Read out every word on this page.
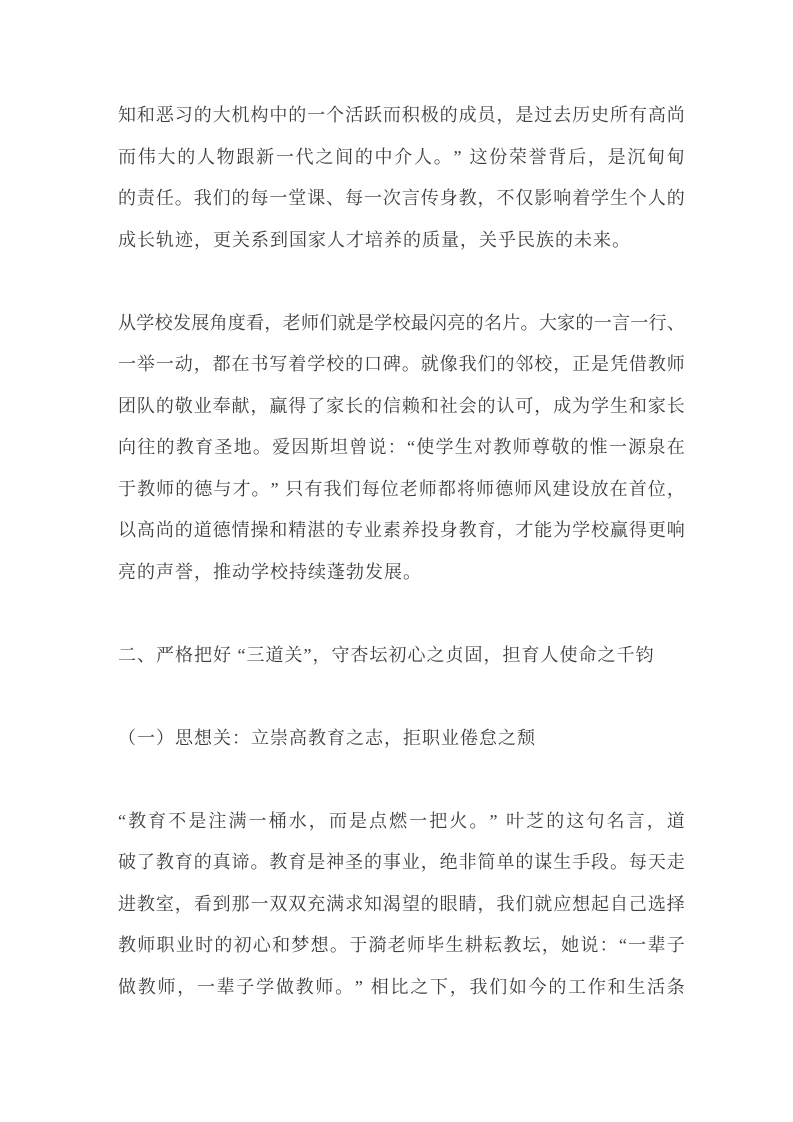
知 和 恶 习 的 大 机 构 中 的 一 个 活 跃 而 积 极 的 成 员 ， 是 过 去 历 史 所 有 高 尚
而 伟 大 的 人 物 跟 新 一 代 之 间 的 中 介 人 。 ”
这 份 荣 誉 背 后 ， 是 沉 甸 甸
的 责 任 。 我 们 的 每 一 堂 课 、 每 一 次 言 传 身 教 ， 不 仅 影 响 着 学 生 个 人 的
成长轨迹，更关系到国家人才培养的质量，关乎民族的未来。
从 学 校 发 展 角 度 看 ， 老 师 们 就 是 学 校 最 闪 亮 的 名 片 。 大 家 的 一 言 一 行 、
一 举 一 动 ， 都 在 书 写 着 学 校 的 口 碑 。 就 像 我 们 的 邻 校 ， 正 是 凭 借 教 师
团 队 的 敬 业 奉 献 ， 赢 得 了 家 长 的 信 赖 和 社 会 的 认 可 ， 成 为 学 生 和 家 长
向 往 的 教 育 圣 地 。 爱 因 斯 坦 曾 说 ： “ 使 学 生 对 教 师 尊 敬 的 惟 一 源 泉 在
于 教 师 的 德 与 才 。 ”
只 有 我 们 每 位 老 师 都 将 师 德 师 风 建 设 放 在 首 位 ，
以 高 尚 的 道 德 情 操 和 精 湛 的 专 业 素 养 投 身 教 育 ， 才 能 为 学 校 赢 得 更 响
亮的声誉，推动学校持续蓬勃发展。
二、严格把好 “三道关”，守杏坛初心之贞固，担育人使命之千钧
（一）思想关：立崇高教育之志，拒职业倦怠之颓
“ 教 育 不 是 注 满 一 桶 水 ， 而 是 点 燃 一 把 火 。 ”
叶 芝 的 这 句 名 言 ， 道
破 了 教 育 的 真 谛 。 教 育 是 神 圣 的 事 业 ， 绝 非 简 单 的 谋 生 手 段 。 每 天 走
进 教 室 ， 看 到 那 一 双 双 充 满 求 知 渴 望 的 眼 睛 ， 我 们 就 应 想 起 自 己 选 择
教 师 职 业 时 的 初 心 和 梦 想 。 于 漪 老 师 毕 生 耕 耘 教 坛 ， 她 说 ： “ 一 辈 子
做 教 师 ， 一 辈 子 学 做 教 师 。 ”
相 比 之 下 ， 我 们 如 今 的 工 作 和 生 活 条
